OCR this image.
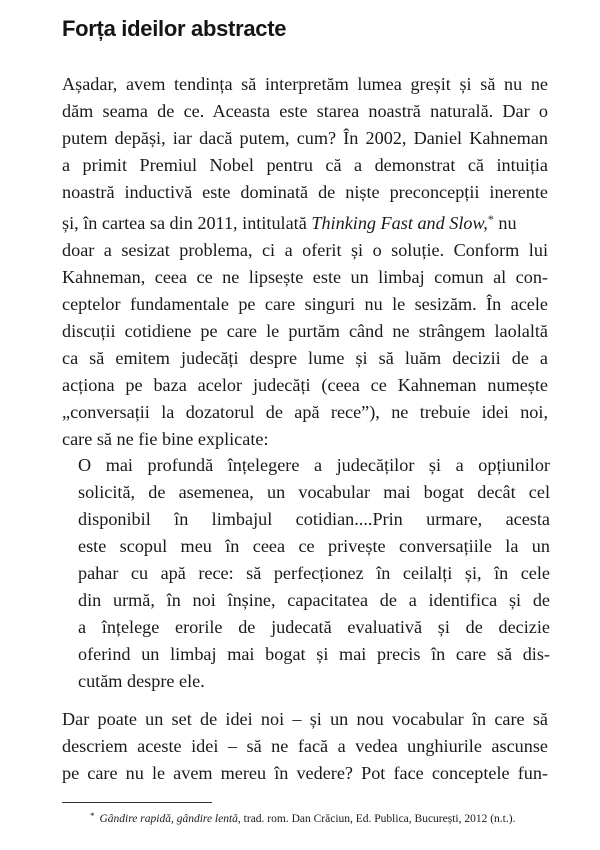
Forța ideilor abstracte
Așadar, avem tendința să interpretăm lumea greșit și să nu ne
dăm seama de ce. Aceasta este starea noastră naturală. Dar o
putem depăși, iar dacă putem, cum? În 2002, Daniel Kahneman
a primit Premiul Nobel pentru că a demonstrat că intuiția
noastră inductivă este dominată de niște preconcepții inerente
și, în cartea sa din 2011, intitulată Thinking Fast and Slow,* nu
doar a sesizat problema, ci a oferit și o soluție. Conform lui
Kahneman, ceea ce ne lipsește este un limbaj comun al con-
ceptelor fundamentale pe care singuri nu le sesizăm. În acele
discuții cotidiene pe care le purtăm când ne strângem laolaltă
ca să emitem judecăți despre lume și să luăm decizii de a
acționa pe baza acelor judecăți (ceea ce Kahneman numește
„conversații la dozatorul de apă rece”), ne trebuie idei noi,
care să ne fie bine explicate:
O mai profundă înțelegere a judecăților și a opțiunilor
solicită, de asemenea, un vocabular mai bogat decât cel
disponibil în limbajul cotidian....Prin urmare, acesta
este scopul meu în ceea ce privește conversațiile la un
pahar cu apă rece: să perfecționez în ceilalți și, în cele
din urmă, în noi înșine, capacitatea de a identifica și de
a înțelege erorile de judecată evaluativă și de decizie
oferind un limbaj mai bogat și mai precis în care să dis-
cutăm despre ele.
Dar poate un set de idei noi – și un nou vocabular în care să
descriem aceste idei – să ne facă a vedea unghiurile ascunse
pe care nu le avem mereu în vedere? Pot face conceptele fun-

* Gândire rapidă, gândire lentă, trad. rom. Dan Crăciun, Ed. Publica, București, 2012 (n.t.).
